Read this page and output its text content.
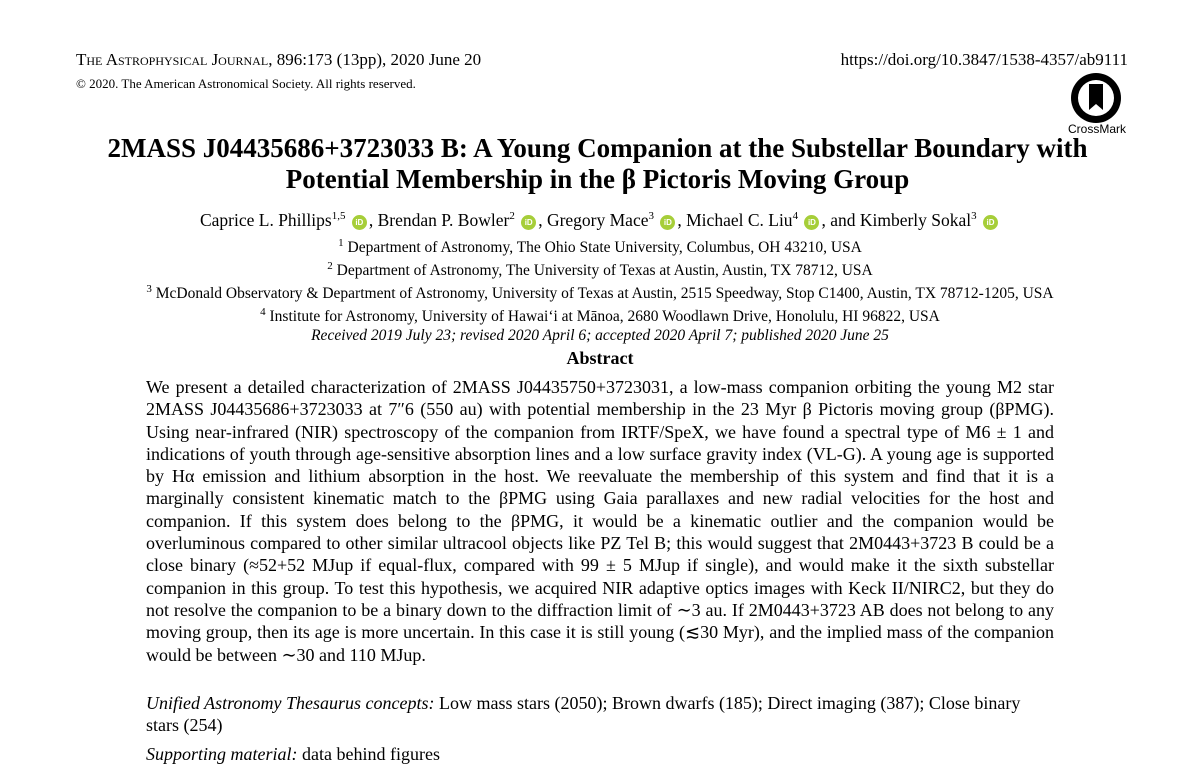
The Astrophysical Journal, 896:173 (13pp), 2020 June 20	https://doi.org/10.3847/1538-4357/ab9111
© 2020. The American Astronomical Society. All rights reserved.
CrossMark
2MASS J04435686+3723033 B: A Young Companion at the Substellar Boundary with Potential Membership in the β Pictoris Moving Group
Caprice L. Phillips$^{1,5}$ iD , Brendan P. Bowler$^2$ iD , Gregory Mace$^3$ iD , Michael C. Liu$^4$ iD , and Kimberly Sokal$^3$ iD
$^1$ Department of Astronomy, The Ohio State University, Columbus, OH 43210, USA
$^2$ Department of Astronomy, The University of Texas at Austin, Austin, TX 78712, USA
$^3$ McDonald Observatory & Department of Astronomy, University of Texas at Austin, 2515 Speedway, Stop C1400, Austin, TX 78712-1205, USA
$^4$ Institute for Astronomy, University of Hawai‘i at Mānoa, 2680 Woodlawn Drive, Honolulu, HI 96822, USA
Received 2019 July 23; revised 2020 April 6; accepted 2020 April 7; published 2020 June 25
Abstract
We present a detailed characterization of 2MASS J04435750+3723031, a low-mass companion orbiting the young M2 star 2MASS J04435686+3723033 at 7″6 (550 au) with potential membership in the 23 Myr β Pictoris moving group (βPMG). Using near-infrared (NIR) spectroscopy of the companion from IRTF/SpeX, we have found a spectral type of M6 ± 1 and indications of youth through age-sensitive absorption lines and a low surface gravity index (VL-G). A young age is supported by Hα emission and lithium absorption in the host. We reevaluate the membership of this system and find that it is a marginally consistent kinematic match to the βPMG using Gaia parallaxes and new radial velocities for the host and companion. If this system does belong to the βPMG, it would be a kinematic outlier and the companion would be overluminous compared to other similar ultracool objects like PZ Tel B; this would suggest that 2M0443+3723 B could be a close binary (≈52+52 MJup if equal-flux, compared with 99 ± 5 MJup if single), and would make it the sixth substellar companion in this group. To test this hypothesis, we acquired NIR adaptive optics images with Keck II/NIRC2, but they do not resolve the companion to be a binary down to the diffraction limit of ∼3 au. If 2M0443+3723 AB does not belong to any moving group, then its age is more uncertain. In this case it is still young (≲30 Myr), and the implied mass of the companion would be between ∼30 and 110 MJup.
Unified Astronomy Thesaurus concepts: Low mass stars (2050); Brown dwarfs (185); Direct imaging (387); Close binary stars (254)
Supporting material: data behind figures
